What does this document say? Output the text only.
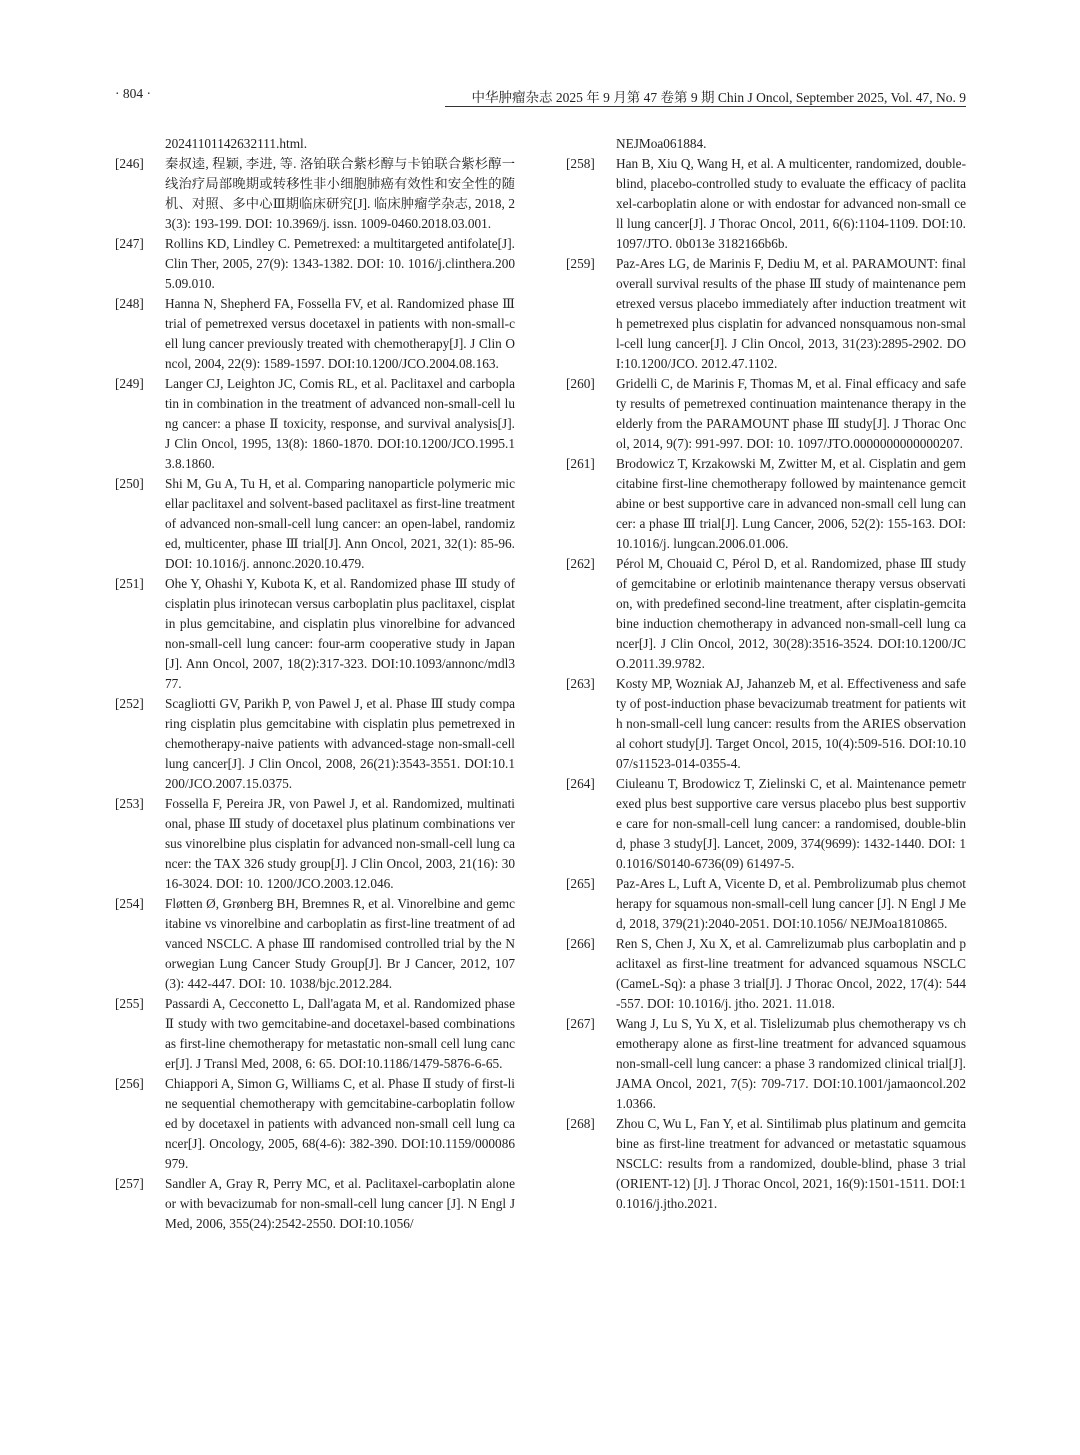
· 804 ·	中华肿瘤杂志 2025 年 9 月第 47 卷第 9 期 Chin J Oncol, September 2025, Vol. 47, No. 9
20241101142632111.html.
[246]	秦叔逵, 程颖, 李进, 等. 洛铂联合紫杉醇与卡铂联合紫杉醇一线治疗局部晚期或转移性非小细胞肺癌有效性和安全性的随机、对照、多中心Ⅲ期临床研究[J]. 临床肿瘤学杂志, 2018, 23(3): 193-199. DOI: 10.3969/j. issn. 1009-0460.2018.03.001.
[247]	Rollins KD, Lindley C. Pemetrexed: a multitargeted antifolate[J]. Clin Ther, 2005, 27(9): 1343-1382. DOI: 10. 1016/j.clinthera.2005.09.010.
[248]	Hanna N, Shepherd FA, Fossella FV, et al. Randomized phase Ⅲ trial of pemetrexed versus docetaxel in patients with non-small-cell lung cancer previously treated with chemotherapy[J]. J Clin Oncol, 2004, 22(9): 1589-1597. DOI:10.1200/JCO.2004.08.163.
[249]	Langer CJ, Leighton JC, Comis RL, et al. Paclitaxel and carboplatin in combination in the treatment of advanced non-small-cell lung cancer: a phase Ⅱ toxicity, response, and survival analysis[J]. J Clin Oncol, 1995, 13(8): 1860-1870. DOI:10.1200/JCO.1995.13.8.1860.
[250]	Shi M, Gu A, Tu H, et al. Comparing nanoparticle polymeric micellar paclitaxel and solvent-based paclitaxel as first-line treatment of advanced non-small-cell lung cancer: an open-label, randomized, multicenter, phase Ⅲ trial[J]. Ann Oncol, 2021, 32(1): 85-96. DOI: 10.1016/j. annonc.2020.10.479.
[251]	Ohe Y, Ohashi Y, Kubota K, et al. Randomized phase Ⅲ study of cisplatin plus irinotecan versus carboplatin plus paclitaxel, cisplatin plus gemcitabine, and cisplatin plus vinorelbine for advanced non-small-cell lung cancer: four-arm cooperative study in Japan[J]. Ann Oncol, 2007, 18(2):317-323. DOI:10.1093/annonc/mdl377.
[252]	Scagliotti GV, Parikh P, von Pawel J, et al. Phase Ⅲ study comparing cisplatin plus gemcitabine with cisplatin plus pemetrexed in chemotherapy-naive patients with advanced-stage non-small-cell lung cancer[J]. J Clin Oncol, 2008, 26(21):3543-3551. DOI:10.1200/JCO.2007.15.0375.
[253]	Fossella F, Pereira JR, von Pawel J, et al. Randomized, multinational, phase Ⅲ study of docetaxel plus platinum combinations versus vinorelbine plus cisplatin for advanced non-small-cell lung cancer: the TAX 326 study group[J]. J Clin Oncol, 2003, 21(16): 3016-3024. DOI: 10. 1200/JCO.2003.12.046.
[254]	Fløtten Ø, Grønberg BH, Bremnes R, et al. Vinorelbine and gemcitabine vs vinorelbine and carboplatin as first-line treatment of advanced NSCLC. A phase Ⅲ randomised controlled trial by the Norwegian Lung Cancer Study Group[J]. Br J Cancer, 2012, 107(3): 442-447. DOI: 10. 1038/bjc.2012.284.
[255]	Passardi A, Cecconetto L, Dall'agata M, et al. Randomized phase Ⅱ study with two gemcitabine-and docetaxel-based combinations as first-line chemotherapy for metastatic non-small cell lung cancer[J]. J Transl Med, 2008, 6: 65. DOI:10.1186/1479-5876-6-65.
[256]	Chiappori A, Simon G, Williams C, et al. Phase Ⅱ study of first-line sequential chemotherapy with gemcitabine-carboplatin followed by docetaxel in patients with advanced non-small cell lung cancer[J]. Oncology, 2005, 68(4-6): 382-390. DOI:10.1159/000086979.
[257]	Sandler A, Gray R, Perry MC, et al. Paclitaxel-carboplatin alone or with bevacizumab for non-small-cell lung cancer [J]. N Engl J Med, 2006, 355(24):2542-2550. DOI:10.1056/
NEJMoa061884.
[258]	Han B, Xiu Q, Wang H, et al. A multicenter, randomized, double-blind, placebo-controlled study to evaluate the efficacy of paclitaxel-carboplatin alone or with endostar for advanced non-small cell lung cancer[J]. J Thorac Oncol, 2011, 6(6):1104-1109. DOI:10.1097/JTO. 0b013e 3182166b6b.
[259]	Paz-Ares LG, de Marinis F, Dediu M, et al. PARAMOUNT: final overall survival results of the phase Ⅲ study of maintenance pemetrexed versus placebo immediately after induction treatment with pemetrexed plus cisplatin for advanced nonsquamous non-small-cell lung cancer[J]. J Clin Oncol, 2013, 31(23):2895-2902. DOI:10.1200/JCO. 2012.47.1102.
[260]	Gridelli C, de Marinis F, Thomas M, et al. Final efficacy and safety results of pemetrexed continuation maintenance therapy in the elderly from the PARAMOUNT phase Ⅲ study[J]. J Thorac Oncol, 2014, 9(7): 991-997. DOI: 10. 1097/JTO.0000000000000207.
[261]	Brodowicz T, Krzakowski M, Zwitter M, et al. Cisplatin and gemcitabine first-line chemotherapy followed by maintenance gemcitabine or best supportive care in advanced non-small cell lung cancer: a phase Ⅲ trial[J]. Lung Cancer, 2006, 52(2): 155-163. DOI: 10.1016/j. lungcan.2006.01.006.
[262]	Pérol M, Chouaid C, Pérol D, et al. Randomized, phase Ⅲ study of gemcitabine or erlotinib maintenance therapy versus observation, with predefined second-line treatment, after cisplatin-gemcitabine induction chemotherapy in advanced non-small-cell lung cancer[J]. J Clin Oncol, 2012, 30(28):3516-3524. DOI:10.1200/JCO.2011.39.9782.
[263]	Kosty MP, Wozniak AJ, Jahanzeb M, et al. Effectiveness and safety of post-induction phase bevacizumab treatment for patients with non-small-cell lung cancer: results from the ARIES observational cohort study[J]. Target Oncol, 2015, 10(4):509-516. DOI:10.1007/s11523-014-0355-4.
[264]	Ciuleanu T, Brodowicz T, Zielinski C, et al. Maintenance pemetrexed plus best supportive care versus placebo plus best supportive care for non-small-cell lung cancer: a randomised, double-blind, phase 3 study[J]. Lancet, 2009, 374(9699): 1432-1440. DOI: 10.1016/S0140-6736(09) 61497-5.
[265]	Paz-Ares L, Luft A, Vicente D, et al. Pembrolizumab plus chemotherapy for squamous non-small-cell lung cancer [J]. N Engl J Med, 2018, 379(21):2040-2051. DOI:10.1056/ NEJMoa1810865.
[266]	Ren S, Chen J, Xu X, et al. Camrelizumab plus carboplatin and paclitaxel as first-line treatment for advanced squamous NSCLC (CameL-Sq): a phase 3 trial[J]. J Thorac Oncol, 2022, 17(4): 544-557. DOI: 10.1016/j. jtho. 2021. 11.018.
[267]	Wang J, Lu S, Yu X, et al. Tislelizumab plus chemotherapy vs chemotherapy alone as first-line treatment for advanced squamous non-small-cell lung cancer: a phase 3 randomized clinical trial[J]. JAMA Oncol, 2021, 7(5): 709-717. DOI:10.1001/jamaoncol.2021.0366.
[268]	Zhou C, Wu L, Fan Y, et al. Sintilimab plus platinum and gemcitabine as first-line treatment for advanced or metastatic squamous NSCLC: results from a randomized, double-blind, phase 3 trial (ORIENT-12) [J]. J Thorac Oncol, 2021, 16(9):1501-1511. DOI:10.1016/j.jtho.2021.
